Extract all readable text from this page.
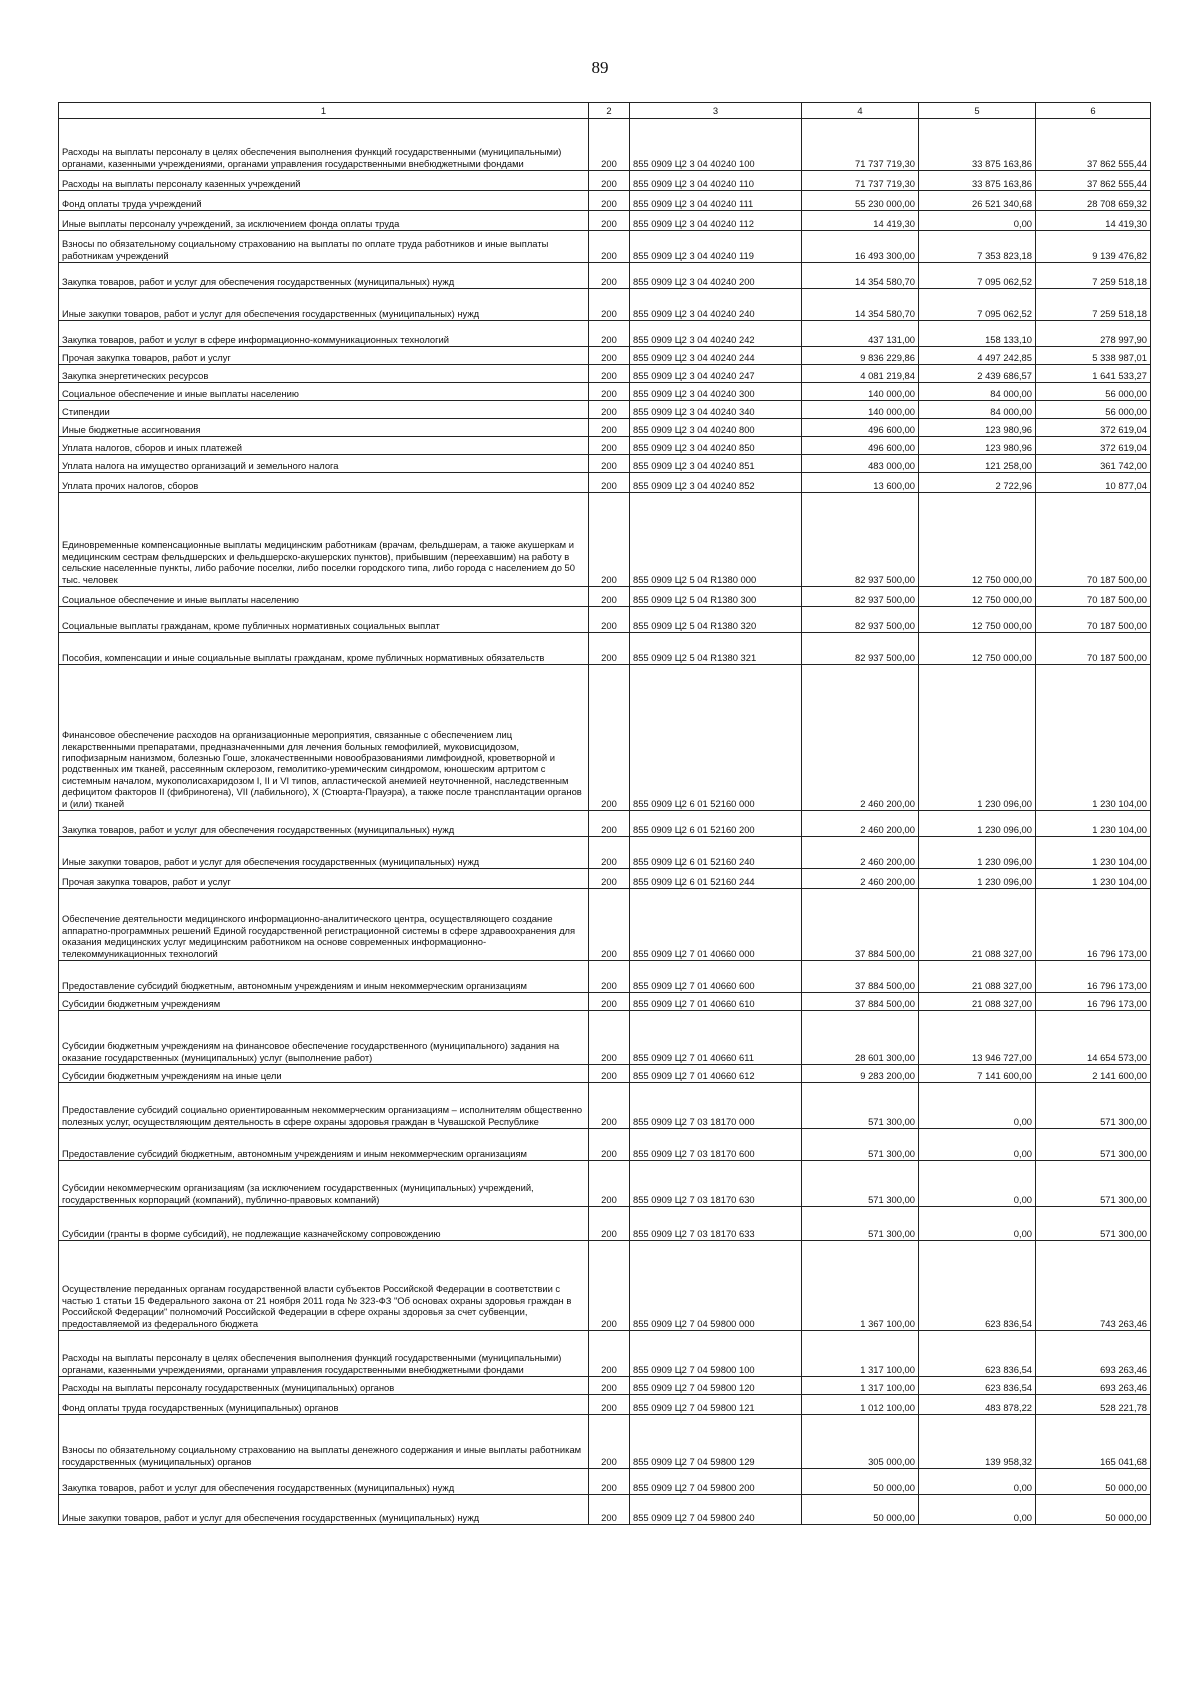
89
1	2	3	4	5	6
Расходы на выплаты персоналу в целях обеспечения выполнения функций государственными (муниципальными) органами, казенными учреждениями, органами управления государственными внебюджетными фондами	200	855 0909 Ц2 3 04 40240 100	71 737 719,30	33 875 163,86	37 862 555,44
Расходы на выплаты персоналу казенных учреждений	200	855 0909 Ц2 3 04 40240 110	71 737 719,30	33 875 163,86	37 862 555,44
Фонд оплаты труда учреждений	200	855 0909 Ц2 3 04 40240 111	55 230 000,00	26 521 340,68	28 708 659,32
Иные выплаты персоналу учреждений, за исключением фонда оплаты труда	200	855 0909 Ц2 3 04 40240 112	14 419,30	0,00	14 419,30
Взносы по обязательному социальному страхованию на выплаты по оплате труда работников и иные выплаты работникам учреждений	200	855 0909 Ц2 3 04 40240 119	16 493 300,00	7 353 823,18	9 139 476,82
Закупка товаров, работ и услуг для обеспечения государственных (муниципальных) нужд	200	855 0909 Ц2 3 04 40240 200	14 354 580,70	7 095 062,52	7 259 518,18
Иные закупки товаров, работ и услуг для обеспечения государственных (муниципальных) нужд	200	855 0909 Ц2 3 04 40240 240	14 354 580,70	7 095 062,52	7 259 518,18
Закупка товаров, работ и услуг в сфере информационно-коммуникационных технологий	200	855 0909 Ц2 3 04 40240 242	437 131,00	158 133,10	278 997,90
Прочая закупка товаров, работ и услуг	200	855 0909 Ц2 3 04 40240 244	9 836 229,86	4 497 242,85	5 338 987,01
Закупка энергетических ресурсов	200	855 0909 Ц2 3 04 40240 247	4 081 219,84	2 439 686,57	1 641 533,27
Социальное обеспечение и иные выплаты населению	200	855 0909 Ц2 3 04 40240 300	140 000,00	84 000,00	56 000,00
Стипендии	200	855 0909 Ц2 3 04 40240 340	140 000,00	84 000,00	56 000,00
Иные бюджетные ассигнования	200	855 0909 Ц2 3 04 40240 800	496 600,00	123 980,96	372 619,04
Уплата налогов, сборов и иных платежей	200	855 0909 Ц2 3 04 40240 850	496 600,00	123 980,96	372 619,04
Уплата налога на имущество организаций и земельного налога	200	855 0909 Ц2 3 04 40240 851	483 000,00	121 258,00	361 742,00
Уплата прочих налогов, сборов	200	855 0909 Ц2 3 04 40240 852	13 600,00	2 722,96	10 877,04
Единовременные компенсационные выплаты медицинским работникам (врачам, фельдшерам, а также акушеркам и медицинским сестрам фельдшерских и фельдшерско-акушерских пунктов), прибывшим (переехавшим) на работу в сельские населенные пункты, либо рабочие поселки, либо поселки городского типа, либо города с населением до 50 тыс. человек	200	855 0909 Ц2 5 04 R1380 000	82 937 500,00	12 750 000,00	70 187 500,00
Социальное обеспечение и иные выплаты населению	200	855 0909 Ц2 5 04 R1380 300	82 937 500,00	12 750 000,00	70 187 500,00
Социальные выплаты гражданам, кроме публичных нормативных социальных выплат	200	855 0909 Ц2 5 04 R1380 320	82 937 500,00	12 750 000,00	70 187 500,00
Пособия, компенсации и иные социальные выплаты гражданам, кроме публичных нормативных обязательств	200	855 0909 Ц2 5 04 R1380 321	82 937 500,00	12 750 000,00	70 187 500,00
Финансовое обеспечение расходов на организационные мероприятия, связанные с обеспечением лиц лекарственными препаратами, предназначенными для лечения больных гемофилией, муковисцидозом, гипофизарным нанизмом, болезнью Гоше, злокачественными новообразованиями лимфоидной, кроветворной и родственных им тканей, рассеянным склерозом, гемолитико-уремическим синдромом, юношеским артритом с системным началом, мукополисахаридозом I, II и VI типов, апластической анемией неуточненной, наследственным дефицитом факторов II (фибриногена), VII (лабильного), X (Стюарта-Прауэра), а также после трансплантации органов и (или) тканей	200	855 0909 Ц2 6 01 52160 000	2 460 200,00	1 230 096,00	1 230 104,00
Закупка товаров, работ и услуг для обеспечения государственных (муниципальных) нужд	200	855 0909 Ц2 6 01 52160 200	2 460 200,00	1 230 096,00	1 230 104,00
Иные закупки товаров, работ и услуг для обеспечения государственных (муниципальных) нужд	200	855 0909 Ц2 6 01 52160 240	2 460 200,00	1 230 096,00	1 230 104,00
Прочая закупка товаров, работ и услуг	200	855 0909 Ц2 6 01 52160 244	2 460 200,00	1 230 096,00	1 230 104,00
Обеспечение деятельности медицинского информационно-аналитического центра, осуществляющего создание аппаратно-программных решений Единой государственной регистрационной системы в сфере здравоохранения для оказания медицинских услуг медицинским работником на основе современных информационно-телекоммуникационных технологий	200	855 0909 Ц2 7 01 40660 000	37 884 500,00	21 088 327,00	16 796 173,00
Предоставление субсидий бюджетным, автономным учреждениям и иным некоммерческим организациям	200	855 0909 Ц2 7 01 40660 600	37 884 500,00	21 088 327,00	16 796 173,00
Субсидии бюджетным учреждениям	200	855 0909 Ц2 7 01 40660 610	37 884 500,00	21 088 327,00	16 796 173,00
Субсидии бюджетным учреждениям на финансовое обеспечение государственного (муниципального) задания на оказание государственных (муниципальных) услуг (выполнение работ)	200	855 0909 Ц2 7 01 40660 611	28 601 300,00	13 946 727,00	14 654 573,00
Субсидии бюджетным учреждениям на иные цели	200	855 0909 Ц2 7 01 40660 612	9 283 200,00	7 141 600,00	2 141 600,00
Предоставление субсидий социально ориентированным некоммерческим организациям – исполнителям общественно полезных услуг, осуществляющим деятельность в сфере охраны здоровья граждан в Чувашской Республике	200	855 0909 Ц2 7 03 18170 000	571 300,00	0,00	571 300,00
Предоставление субсидий бюджетным, автономным учреждениям и иным некоммерческим организациям	200	855 0909 Ц2 7 03 18170 600	571 300,00	0,00	571 300,00
Субсидии некоммерческим организациям (за исключением государственных (муниципальных) учреждений, государственных корпораций (компаний), публично-правовых компаний)	200	855 0909 Ц2 7 03 18170 630	571 300,00	0,00	571 300,00
Субсидии (гранты в форме субсидий), не подлежащие казначейскому сопровождению	200	855 0909 Ц2 7 03 18170 633	571 300,00	0,00	571 300,00
Осуществление переданных органам государственной власти субъектов Российской Федерации в соответствии с частью 1 статьи 15 Федерального закона от 21 ноября 2011 года № 323-ФЗ "Об основах охраны здоровья граждан в Российской Федерации" полномочий Российской Федерации в сфере охраны здоровья за счет субвенции, предоставляемой из федерального бюджета	200	855 0909 Ц2 7 04 59800 000	1 367 100,00	623 836,54	743 263,46
Расходы на выплаты персоналу в целях обеспечения выполнения функций государственными (муниципальными) органами, казенными учреждениями, органами управления государственными внебюджетными фондами	200	855 0909 Ц2 7 04 59800 100	1 317 100,00	623 836,54	693 263,46
Расходы на выплаты персоналу государственных (муниципальных) органов	200	855 0909 Ц2 7 04 59800 120	1 317 100,00	623 836,54	693 263,46
Фонд оплаты труда государственных (муниципальных) органов	200	855 0909 Ц2 7 04 59800 121	1 012 100,00	483 878,22	528 221,78
Взносы по обязательному социальному страхованию на выплаты денежного содержания и иные выплаты работникам государственных (муниципальных) органов	200	855 0909 Ц2 7 04 59800 129	305 000,00	139 958,32	165 041,68
Закупка товаров, работ и услуг для обеспечения государственных (муниципальных) нужд	200	855 0909 Ц2 7 04 59800 200	50 000,00	0,00	50 000,00
Иные закупки товаров, работ и услуг для обеспечения государственных (муниципальных) нужд	200	855 0909 Ц2 7 04 59800 240	50 000,00	0,00	50 000,00
